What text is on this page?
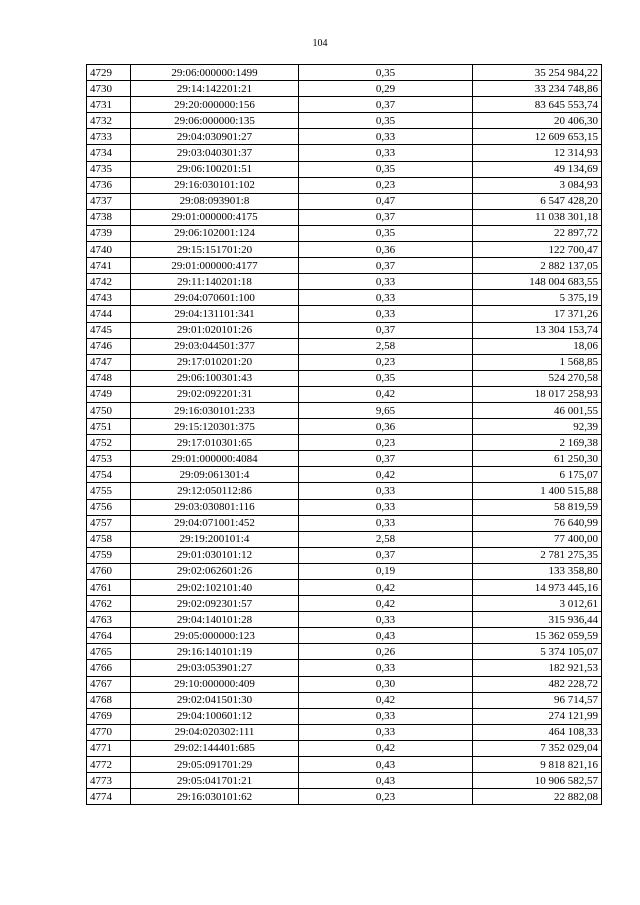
104
4729	29:06:000000:1499	0,35	35 254 984,22
4730	29:14:142201:21	0,29	33 234 748,86
4731	29:20:000000:156	0,37	83 645 553,74
4732	29:06:000000:135	0,35	20 406,30
4733	29:04:030901:27	0,33	12 609 653,15
4734	29:03:040301:37	0,33	12 314,93
4735	29:06:100201:51	0,35	49 134,69
4736	29:16:030101:102	0,23	3 084,93
4737	29:08:093901:8	0,47	6 547 428,20
4738	29:01:000000:4175	0,37	11 038 301,18
4739	29:06:102001:124	0,35	22 897,72
4740	29:15:151701:20	0,36	122 700,47
4741	29:01:000000:4177	0,37	2 882 137,05
4742	29:11:140201:18	0,33	148 004 683,55
4743	29:04:070601:100	0,33	5 375,19
4744	29:04:131101:341	0,33	17 371,26
4745	29:01:020101:26	0,37	13 304 153,74
4746	29:03:044501:377	2,58	18,06
4747	29:17:010201:20	0,23	1 568,85
4748	29:06:100301:43	0,35	524 270,58
4749	29:02:092201:31	0,42	18 017 258,93
4750	29:16:030101:233	9,65	46 001,55
4751	29:15:120301:375	0,36	92,39
4752	29:17:010301:65	0,23	2 169,38
4753	29:01:000000:4084	0,37	61 250,30
4754	29:09:061301:4	0,42	6 175,07
4755	29:12:050112:86	0,33	1 400 515,88
4756	29:03:030801:116	0,33	58 819,59
4757	29:04:071001:452	0,33	76 640,99
4758	29:19:200101:4	2,58	77 400,00
4759	29:01:030101:12	0,37	2 781 275,35
4760	29:02:062601:26	0,19	133 358,80
4761	29:02:102101:40	0,42	14 973 445,16
4762	29:02:092301:57	0,42	3 012,61
4763	29:04:140101:28	0,33	315 936,44
4764	29:05:000000:123	0,43	15 362 059,59
4765	29:16:140101:19	0,26	5 374 105,07
4766	29:03:053901:27	0,33	182 921,53
4767	29:10:000000:409	0,30	482 228,72
4768	29:02:041501:30	0,42	96 714,57
4769	29:04:100601:12	0,33	274 121,99
4770	29:04:020302:111	0,33	464 108,33
4771	29:02:144401:685	0,42	7 352 029,04
4772	29:05:091701:29	0,43	9 818 821,16
4773	29:05:041701:21	0,43	10 906 582,57
4774	29:16:030101:62	0,23	22 882,08
